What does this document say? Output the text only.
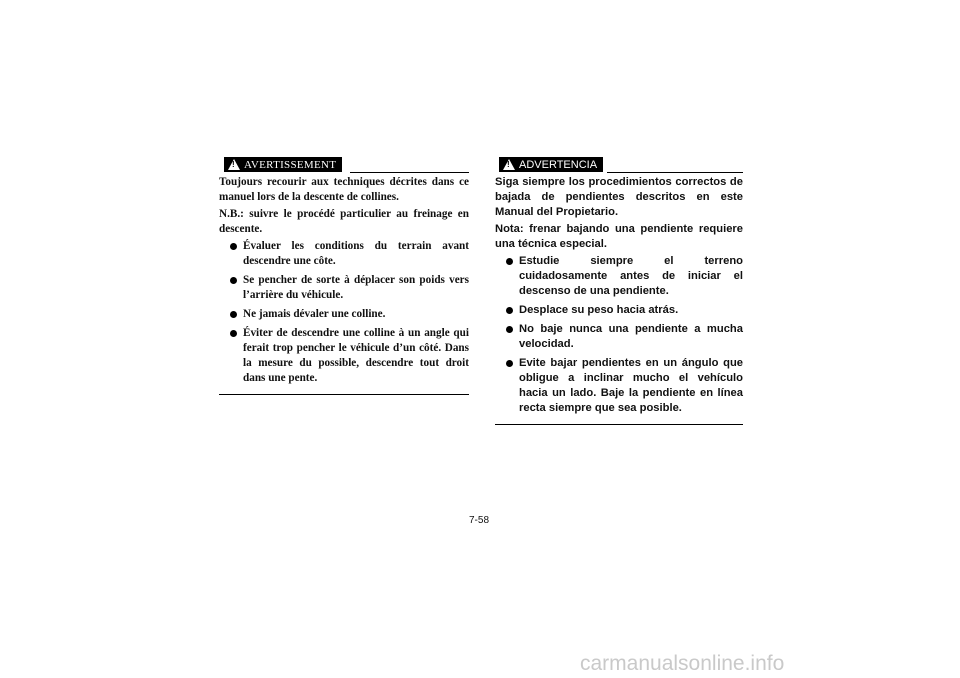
!
AVERTISSEMENT

Toujours recourir aux techniques décrites dans ce manuel lors de la descente de collines.

N.B.: suivre le procédé particulier au freinage en descente.

Évaluer les conditions du terrain avant descendre une côte.
Se pencher de sorte à déplacer son poids vers l’arrière du véhicule.
Ne jamais dévaler une colline.
Éviter de descendre une colline à un angle qui ferait trop pencher le véhicule d’un côté. Dans la mesure du possible, descendre tout droit dans une pente.
!
ADVERTENCIA

Siga siempre los procedimientos correctos de bajada de pendientes descritos en este Manual del Propietario.

Nota: frenar bajando una pendiente requiere una técnica especial.

Estudie siempre el terreno cuidadosamente antes de iniciar el descenso de una pendiente.
Desplace su peso hacia atrás.
No baje nunca una pendiente a mucha velocidad.
Evite bajar pendientes en un ángulo que obligue a inclinar mucho el vehículo hacia un lado. Baje la pendiente en línea recta siempre que sea posible.
7-58
carmanualsonline.info
